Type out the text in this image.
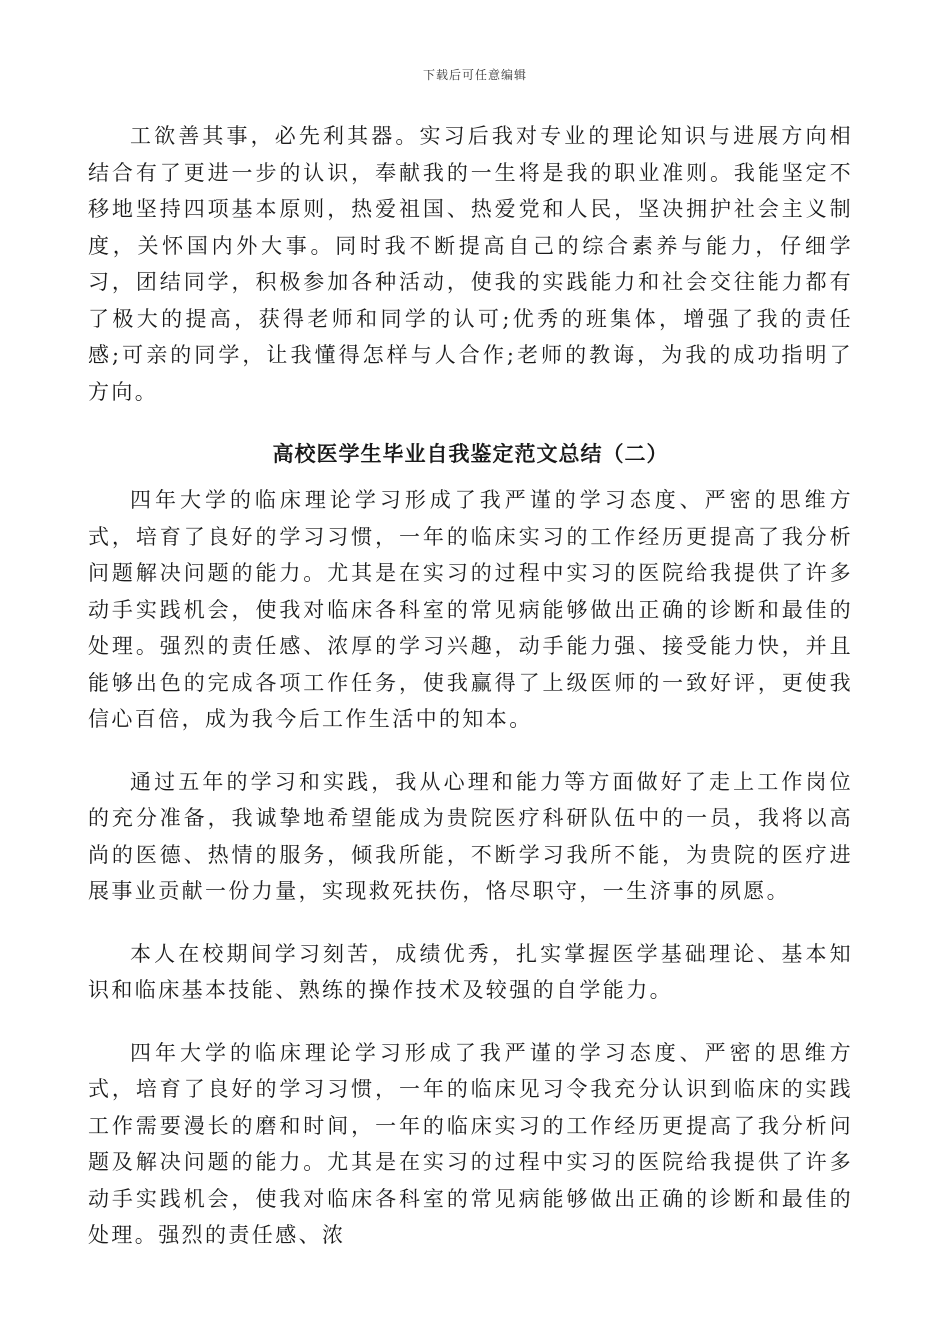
下载后可任意编辑

工欲善其事，必先利其器。实习后我对专业的理论知识与进展方向相结合有了更进一步的认识，奉献我的一生将是我的职业准则。我能坚定不移地坚持四项基本原则，热爱祖国、热爱党和人民，坚决拥护社会主义制度，关怀国内外大事。同时我不断提高自己的综合素养与能力，仔细学习，团结同学，积极参加各种活动，使我的实践能力和社会交往能力都有了极大的提高，获得老师和同学的认可;优秀的班集体，增强了我的责任感;可亲的同学，让我懂得怎样与人合作;老师的教诲，为我的成功指明了方向。

高校医学生毕业自我鉴定范文总结（二）

四年大学的临床理论学习形成了我严谨的学习态度、严密的思维方式，培育了良好的学习习惯，一年的临床实习的工作经历更提高了我分析问题解决问题的能力。尤其是在实习的过程中实习的医院给我提供了许多动手实践机会，使我对临床各科室的常见病能够做出正确的诊断和最佳的处理。强烈的责任感、浓厚的学习兴趣，动手能力强、接受能力快，并且能够出色的完成各项工作任务，使我赢得了上级医师的一致好评，更使我信心百倍，成为我今后工作生活中的知本。

通过五年的学习和实践，我从心理和能力等方面做好了走上工作岗位的充分准备，我诚挚地希望能成为贵院医疗科研队伍中的一员，我将以高尚的医德、热情的服务，倾我所能，不断学习我所不能，为贵院的医疗进展事业贡献一份力量，实现救死扶伤，恪尽职守，一生济事的夙愿。

本人在校期间学习刻苦，成绩优秀，扎实掌握医学基础理论、基本知识和临床基本技能、熟练的操作技术及较强的自学能力。

四年大学的临床理论学习形成了我严谨的学习态度、严密的思维方式，培育了良好的学习习惯，一年的临床见习令我充分认识到临床的实践工作需要漫长的磨和时间，一年的临床实习的工作经历更提高了我分析问题及解决问题的能力。尤其是在实习的过程中实习的医院给我提供了许多动手实践机会，使我对临床各科室的常见病能够做出正确的诊断和最佳的处理。强烈的责任感、浓
